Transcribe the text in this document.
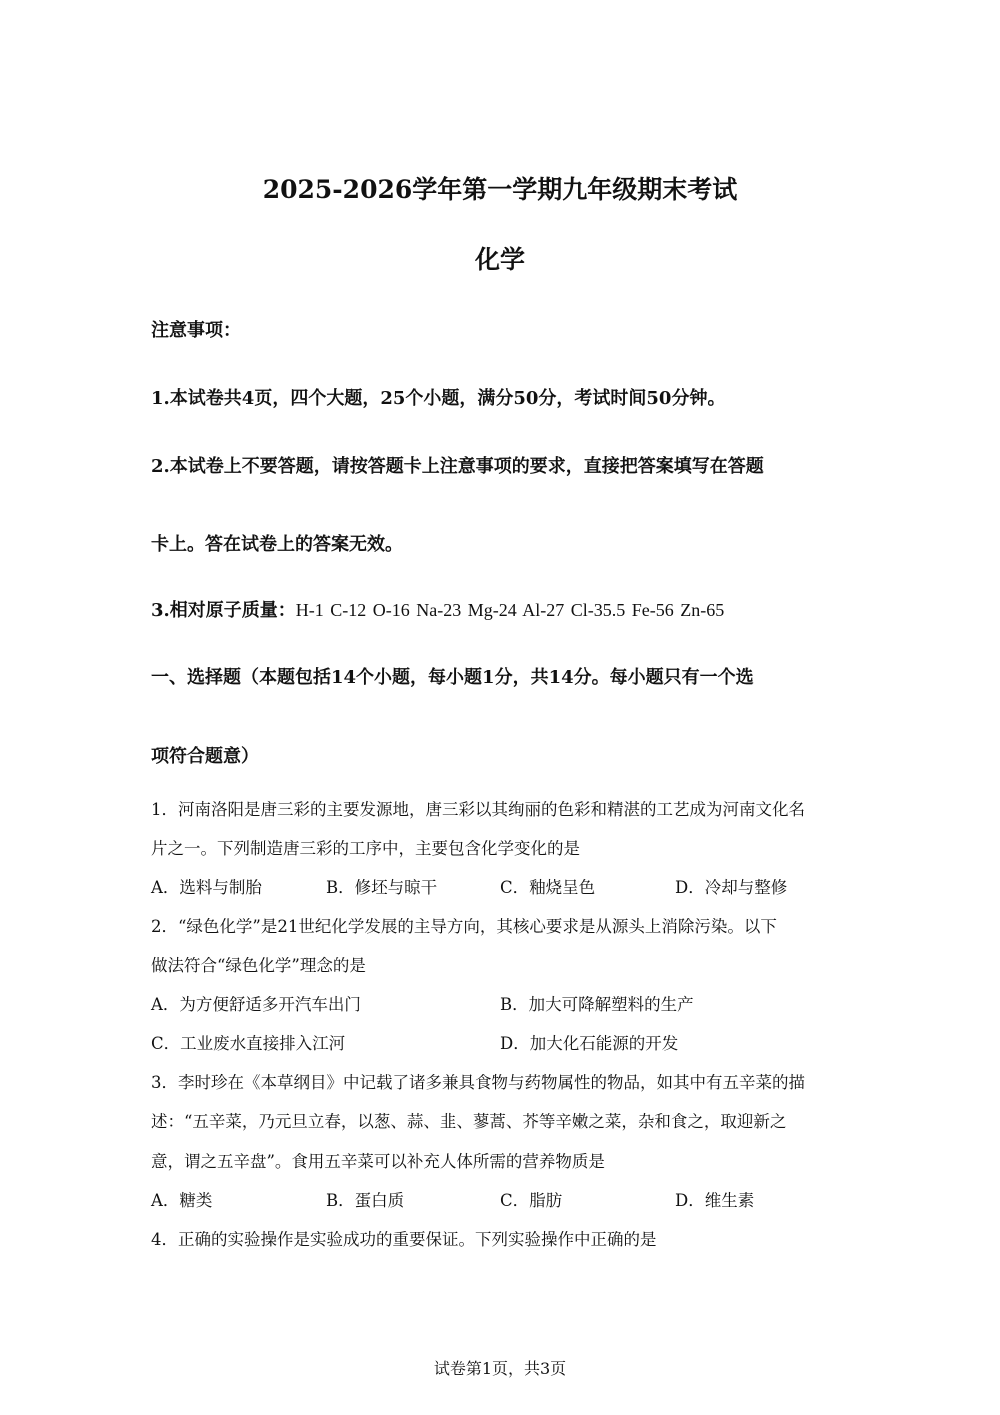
2025-2026学年第一学期九年级期末考试
化学
注意事项：
1.本试卷共4页，四个大题，25个小题，满分50分，考试时间50分钟。
2.本试卷上不要答题，请按答题卡上注意事项的要求，直接把答案填写在答题
卡上。答在试卷上的答案无效。
3.相对原子质量：H-1 C-12 O-16 Na-23 Mg-24 Al-27 Cl-35.5 Fe-56 Zn-65
一、选择题（本题包括14个小题，每小题1分，共14分。每小题只有一个选
项符合题意）
1．河南洛阳是唐三彩的主要发源地，唐三彩以其绚丽的色彩和精湛的工艺成为河南文化名
片之一。下列制造唐三彩的工序中，主要包含化学变化的是
A．选料与制胎	B．修坯与晾干	C．釉烧呈色	D．冷却与整修
2．“绿色化学”是21世纪化学发展的主导方向，其核心要求是从源头上消除污染。以下
做法符合“绿色化学”理念的是
A．为方便舒适多开汽车出门	B．加大可降解塑料的生产
C．工业废水直接排入江河	D．加大化石能源的开发
3．李时珍在《本草纲目》中记载了诸多兼具食物与药物属性的物品，如其中有五辛菜的描
述：“五辛菜，乃元旦立春，以葱、蒜、韭、蓼蒿、芥等辛嫩之菜，杂和食之，取迎新之
意，谓之五辛盘”。食用五辛菜可以补充人体所需的营养物质是
A．糖类	B．蛋白质	C．脂肪	D．维生素
4．正确的实验操作是实验成功的重要保证。下列实验操作中正确的是
试卷第1页，共3页
